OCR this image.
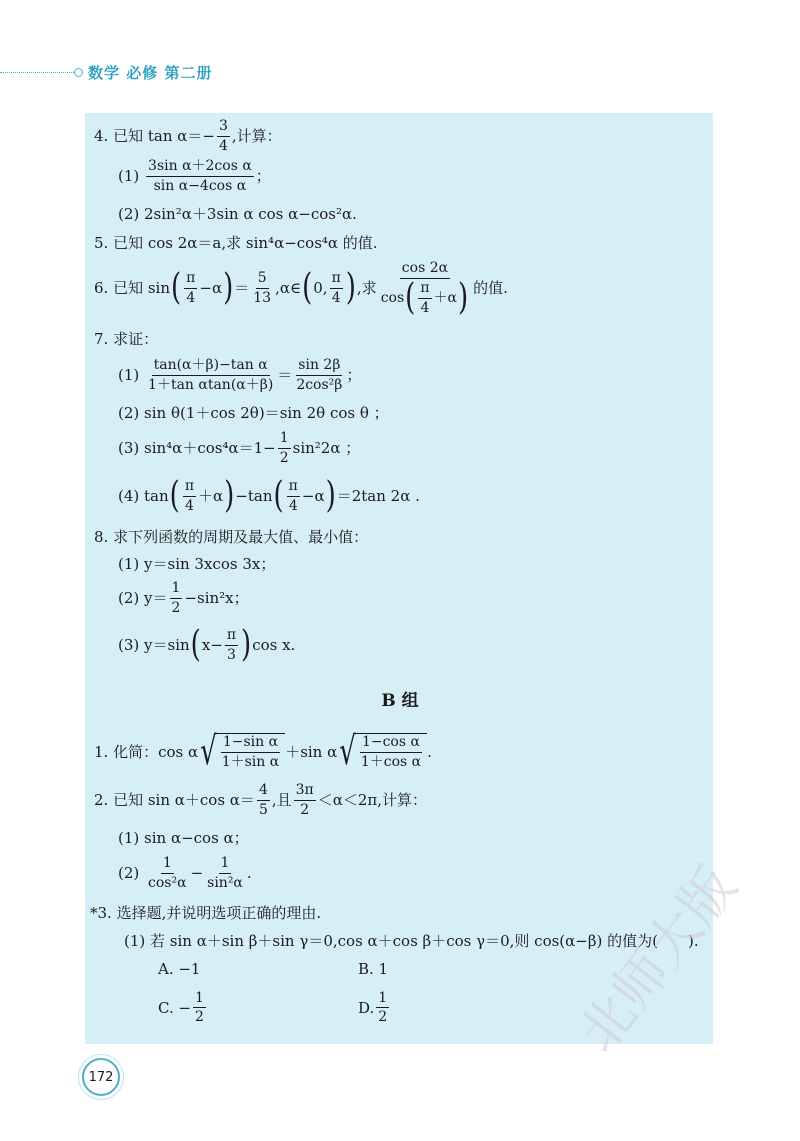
数学 必修 第二册
4. 已知 $\tan \alpha=- \frac{3}{4}$ ,计算：
(1)
$\frac{\text{3sin α＋2cos α}}{\text{sin α−4cos α}}$ ；
(2) 2sin²α＋3sin α cos α−cos²α.
5. 已知 cos 2α＝a,求 sin⁴α−cos⁴α 的值.
6. 已知 sin ( $\frac{\pi}{4} -\alpha$ ) ＝ $\frac{5}{13}$ ,α∈ ( 0, $\frac{\pi}{4}$ ) ,求 $\frac{\cos 2\alpha}{\cos ( \frac{\pi}{4} +\alpha )}$ 的值.
7. 求证：
(1)
$\frac{\text{tan(α＋β)−tan α}}{\text{1＋tan αtan(α＋β)}} = \frac{\sin 2\beta}{\text{2cos²β}}$ ；
(2) sin θ(1＋cos 2θ)＝sin 2θ cos θ ；
(3) $\sin^4\alpha+\cos^4\alpha=1- \frac{1}{2} \sin^22\alpha$ ；
(4) tan ( $\frac{\pi}{4} +\alpha$ ) −tan ( $\frac{\pi}{4} -\alpha$ ) ＝2tan 2α .
8. 求下列函数的周期及最大值、最小值：
(1) y＝sin 3xcos 3x；
(2) $y= \frac{1}{2} -\sin^2x$；
(3) y＝sin ( $x- \frac{\pi}{3}$ ) cos x.
B 组
1. 化简：cos α √ $\frac{\text{1−sin α}}{\text{1＋sin α}} +\sin$ α √ $\frac{\text{1−cos α}}{\text{1＋cos α}}$ .
2. 已知 sin α＋cos $\alpha= \frac{4}{5}$ ,且 $\frac{3\pi}{2} <\alpha<2\pi$,计算：
(1) sin α−cos α；
(2)
$\frac{1}{\text{cos²α}} - \frac{1}{\text{sin²α}}$ .
*3. 选择题,并说明选项正确的理由.
(1) 若 sin α＋sin β＋sin γ＝0,cos α＋cos β＋cos γ＝0,则 cos(α−β) 的值为(　　).
A. −1	B. 1
C. − $\frac{1}{2}$	D. $\frac{1}{2}$
172
北师大版
